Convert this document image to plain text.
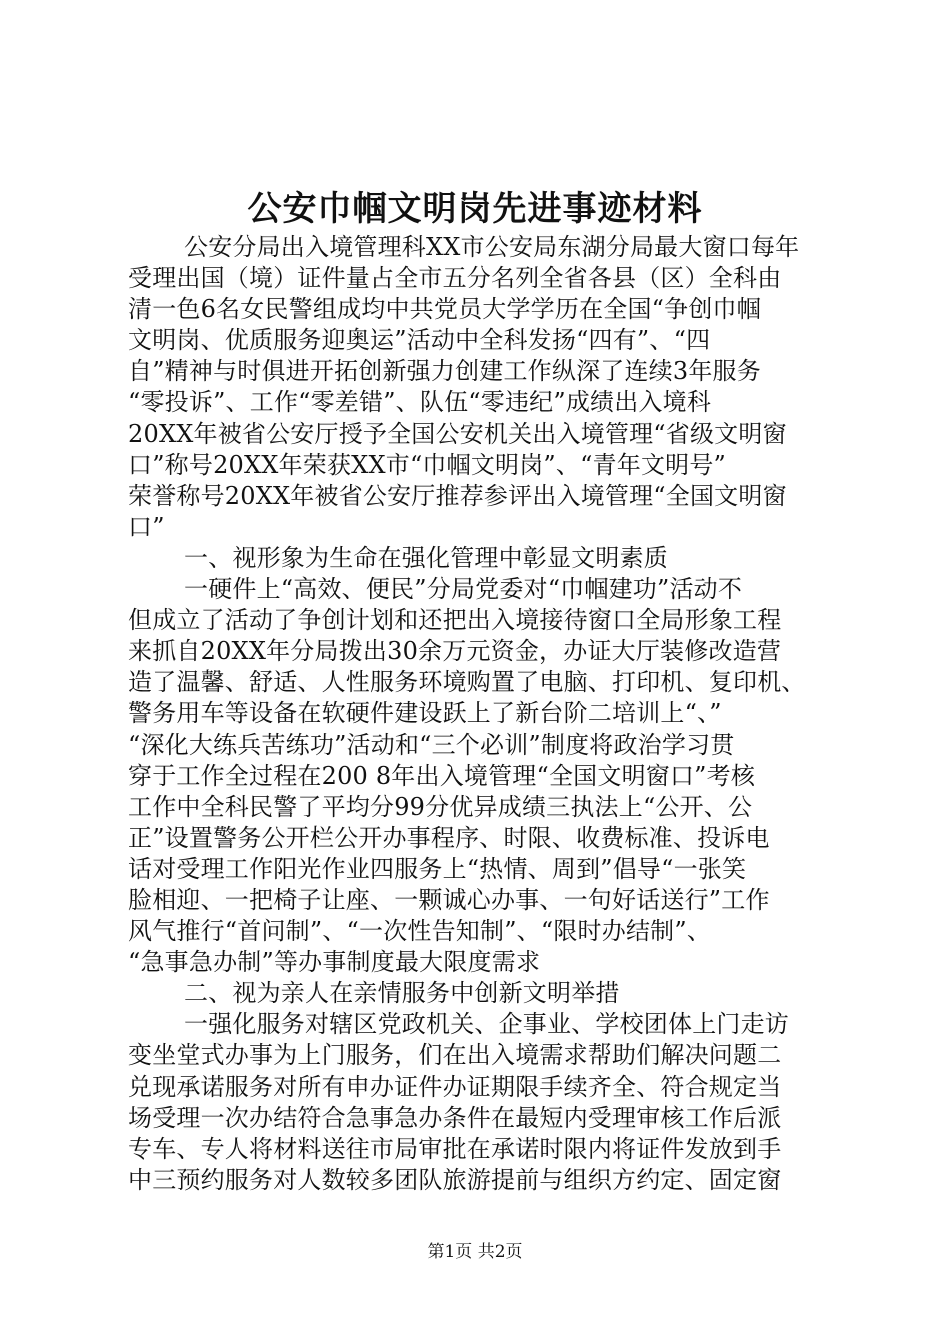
公安巾帼文明岗先进事迹材料
公安分局出入境管理科XX市公安局东湖分局最大窗口每年
受理出国（境）证件量占全市五分名列全省各县（区）全科由
清一色6名女民警组成均中共党员大学学历在全国“争创巾帼
文明岗、优质服务迎奥运”活动中全科发扬“四有”、“四
自”精神与时俱进开拓创新强力创建工作纵深了连续3年服务
“零投诉”、工作“零差错”、队伍“零违纪”成绩出入境科
20XX年被省公安厅授予全国公安机关出入境管理“省级文明窗
口”称号20XX年荣获XX市“巾帼文明岗”、“青年文明号”
荣誉称号20XX年被省公安厅推荐参评出入境管理“全国文明窗
口”
一、视形象为生命在强化管理中彰显文明素质
一硬件上“高效、便民”分局党委对“巾帼建功”活动不
但成立了活动了争创计划和还把出入境接待窗口全局形象工程
来抓自20XX年分局拨出30余万元资金，办证大厅装修改造营
造了温馨、舒适、人性服务环境购置了电脑、打印机、复印机、
警务用车等设备在软硬件建设跃上了新台阶二培训上“、”
“深化大练兵苦练功”活动和“三个必训”制度将政治学习贯
穿于工作全过程在200 8年出入境管理“全国文明窗口”考核
工作中全科民警了平均分99分优异成绩三执法上“公开、公
正”设置警务公开栏公开办事程序、时限、收费标准、投诉电
话对受理工作阳光作业四服务上“热情、周到”倡导“一张笑
脸相迎、一把椅子让座、一颗诚心办事、一句好话送行”工作
风气推行“首问制”、“一次性告知制”、“限时办结制”、
“急事急办制”等办事制度最大限度需求
二、视为亲人在亲情服务中创新文明举措
一强化服务对辖区党政机关、企事业、学校团体上门走访
变坐堂式办事为上门服务，们在出入境需求帮助们解决问题二
兑现承诺服务对所有申办证件办证期限手续齐全、符合规定当
场受理一次办结符合急事急办条件在最短内受理审核工作后派
专车、专人将材料送往市局审批在承诺时限内将证件发放到手
中三预约服务对人数较多团队旅游提前与组织方约定、固定窗
第1页 共2页
